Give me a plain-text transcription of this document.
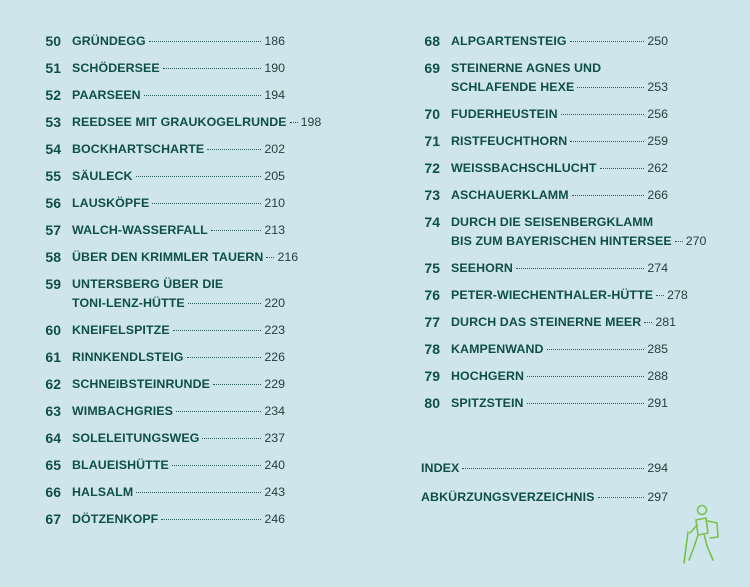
50 GRÜNDEGG	186
51 SCHÖDERSEE	190
52 PAARSEEN	194
53 REEDSEE MIT GRAUKOGELRUNDE 198
54 BOCKHARTSCHARTE	202
55 SÄULECK	205
56 LAUSKÖPFE	210
57 WALCH-WASSERFALL	213
58 ÜBER DEN KRIMMLER TAUERN 216
59 UNTERSBERG ÜBER DIE
TONI-LENZ-HÜTTE	220
60 KNEIFELSPITZE	223
61 RINNKENDLSTEIG	226
62 SCHNEIBSTEINRUNDE	229
63 WIMBACHGRIES	234
64 SOLELEITUNGSWEG	237
65 BLAUEISHÜTTE	240
66 HALSALM	243
67 DÖTZENKOPF	246
68 ALPGARTENSTEIG	250
69 STEINERNE AGNES UND
SCHLAFENDE HEXE	253
70 FUDERHEUSTEIN	256
71 RISTFEUCHTHORN	259
72 WEISSBACHSCHLUCHT	262
73 ASCHAUERKLAMM	266
74 DURCH DIE SEISENBERGKLAMM
BIS ZUM BAYERISCHEN HINTERSEE 270
75 SEEHORN	274
76 PETER-WIECHENTHALER-HÜTTE 278
77 DURCH DAS STEINERNE MEER 281
78 KAMPENWAND	285
79 HOCHGERN	288
80 SPITZSTEIN	291
INDEX	294
ABKÜRZUNGSVERZEICHNIS	297
